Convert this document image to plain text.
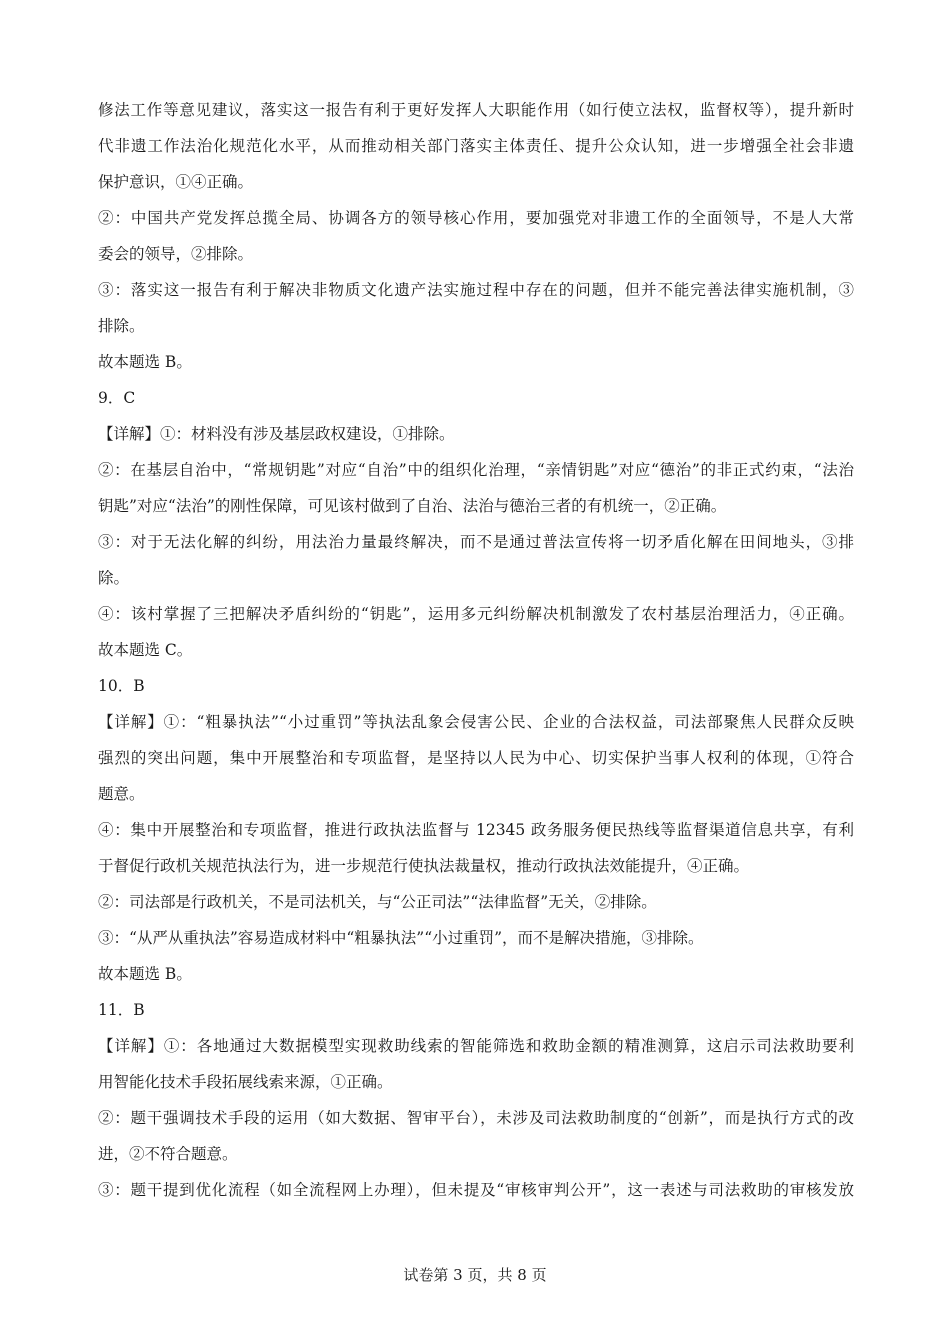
修法工作等意见建议，落实这一报告有利于更好发挥人大职能作用（如行使立法权，监督权等），提升新时
代非遗工作法治化规范化水平，从而推动相关部门落实主体责任、提升公众认知，进一步增强全社会非遗
保护意识，①④正确。
②：中国共产党发挥总揽全局、协调各方的领导核心作用，要加强党对非遗工作的全面领导，不是人大常
委会的领导，②排除。
③：落实这一报告有利于解决非物质文化遗产法实施过程中存在的问题，但并不能完善法律实施机制，③
排除。
故本题选 B。
9．C
【详解】①：材料没有涉及基层政权建设，①排除。
②：在基层自治中，“常规钥匙”对应“自治”中的组织化治理，“亲情钥匙”对应“德治”的非正式约束，“法治
钥匙”对应“法治”的刚性保障，可见该村做到了自治、法治与德治三者的有机统一，②正确。
③：对于无法化解的纠纷，用法治力量最终解决，而不是通过普法宣传将一切矛盾化解在田间地头，③排
除。
④：该村掌握了三把解决矛盾纠纷的“钥匙”，运用多元纠纷解决机制激发了农村基层治理活力，④正确。
故本题选 C。
10．B
【详解】①：“粗暴执法”“小过重罚”等执法乱象会侵害公民、企业的合法权益，司法部聚焦人民群众反映
强烈的突出问题，集中开展整治和专项监督，是坚持以人民为中心、切实保护当事人权利的体现，①符合
题意。
④：集中开展整治和专项监督，推进行政执法监督与 12345 政务服务便民热线等监督渠道信息共享，有利
于督促行政机关规范执法行为，进一步规范行使执法裁量权，推动行政执法效能提升，④正确。
②：司法部是行政机关，不是司法机关，与“公正司法”“法律监督”无关，②排除。
③：“从严从重执法”容易造成材料中“粗暴执法”“小过重罚”，而不是解决措施，③排除。
故本题选 B。
11．B
【详解】①：各地通过大数据模型实现救助线索的智能筛选和救助金额的精准测算，这启示司法救助要利
用智能化技术手段拓展线索来源，①正确。
②：题干强调技术手段的运用（如大数据、智审平台），未涉及司法救助制度的“创新”，而是执行方式的改
进，②不符合题意。
③：题干提到优化流程（如全流程网上办理），但未提及“审核审判公开”，这一表述与司法救助的审核发放
试卷第 3 页，共 8 页
